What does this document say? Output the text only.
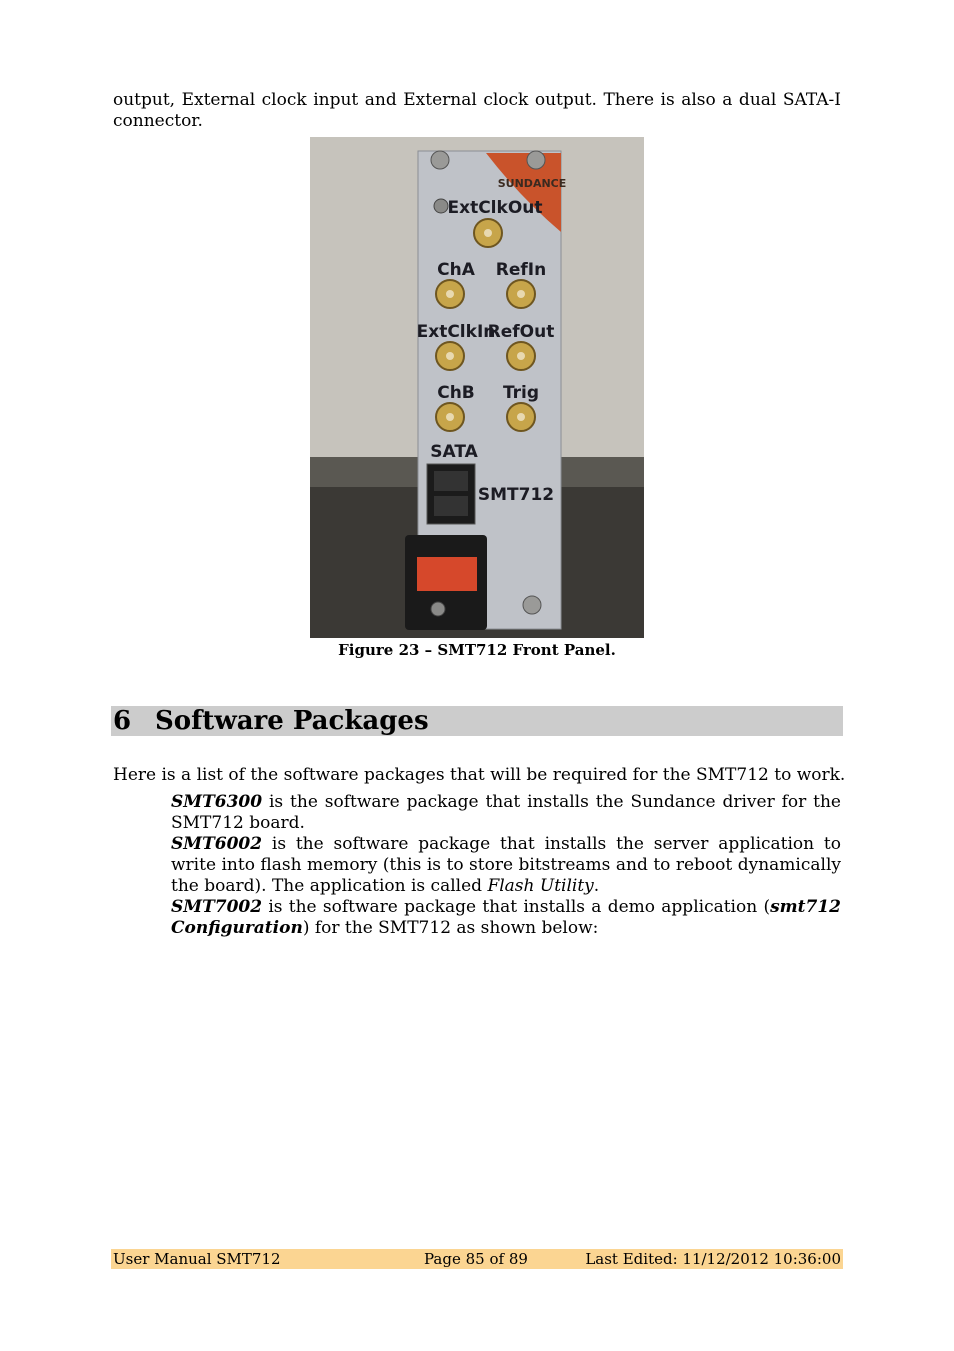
output, External clock input and External clock output. There is also a dual SATA-I connector.
SUNDANCE
ExtClkOut
ChA RefIn
ExtClkIn
RefOut
ChB Trig
SATA
SMT712
Figure 23 – SMT712 Front Panel.
6 Software Packages
Here is a list of the software packages that will be required for the SMT712 to work.
SMT6300 is the software package that installs the Sundance driver for the SMT712 board.
SMT6002 is the software package that installs the server application to write into flash memory (this is to store bitstreams and to reboot dynamically the board). The application is called Flash Utility.
SMT7002 is the software package that installs a demo application (smt712 Configuration) for the SMT712 as shown below:
User Manual SMT712	Page 85 of 89	Last Edited: 11/12/2012 10:36:00
